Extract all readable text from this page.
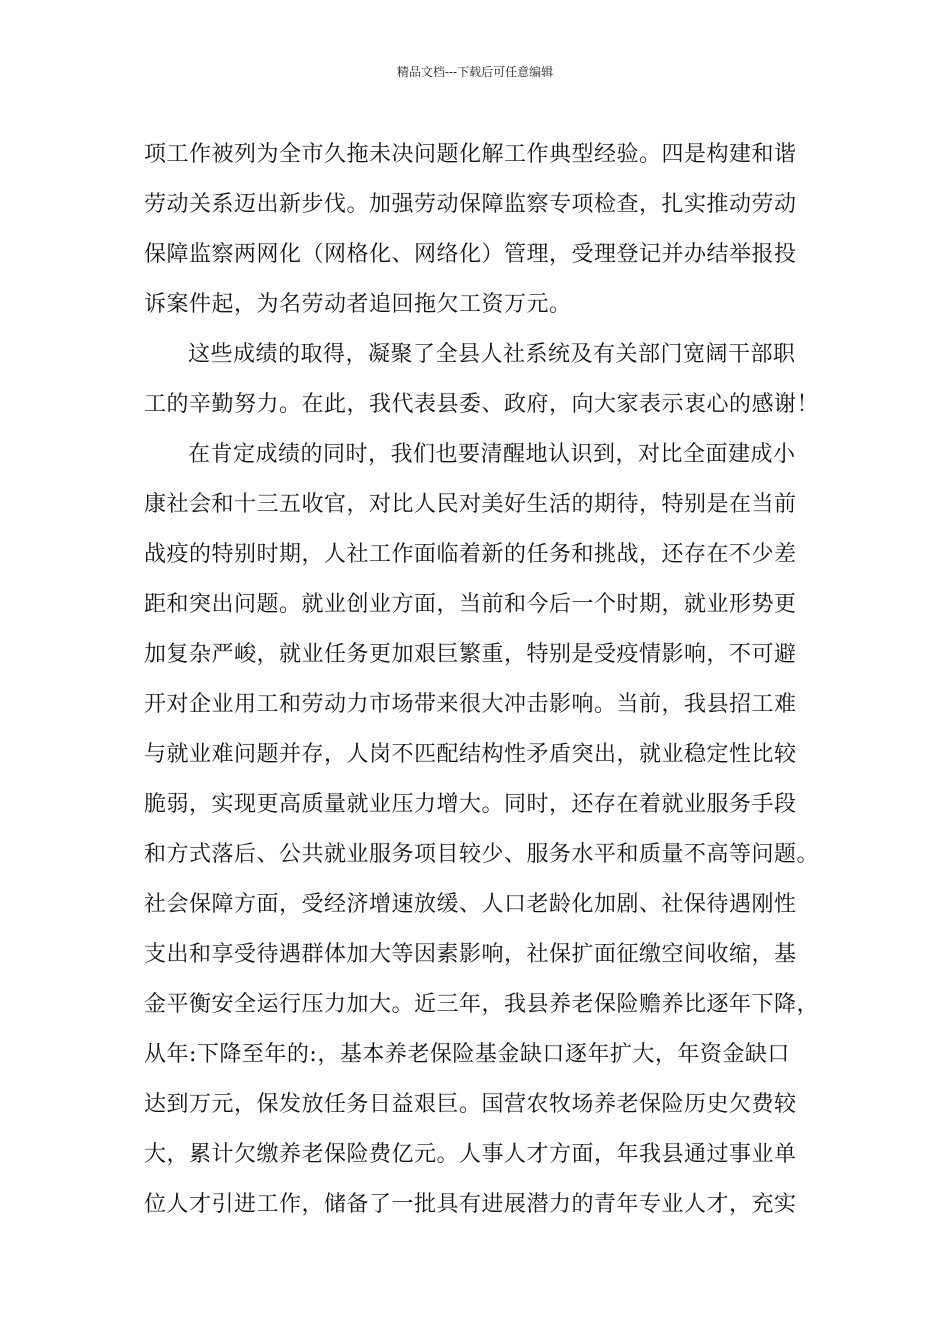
精品文档---下载后可任意编辑
项工作被列为全市久拖未决问题化解工作典型经验。四是构建和谐
劳动关系迈出新步伐。加强劳动保障监察专项检查，扎实推动劳动
保障监察两网化（网格化、网络化）管理，受理登记并办结举报投
诉案件起，为名劳动者追回拖欠工资万元。
这些成绩的取得，凝聚了全县人社系统及有关部门宽阔干部职
工的辛勤努力。在此，我代表县委、政府，向大家表示衷心的感谢！
在肯定成绩的同时，我们也要清醒地认识到，对比全面建成小
康社会和十三五收官，对比人民对美好生活的期待，特别是在当前
战疫的特别时期，人社工作面临着新的任务和挑战，还存在不少差
距和突出问题。就业创业方面，当前和今后一个时期，就业形势更
加复杂严峻，就业任务更加艰巨繁重，特别是受疫情影响，不可避
开对企业用工和劳动力市场带来很大冲击影响。当前，我县招工难
与就业难问题并存，人岗不匹配结构性矛盾突出，就业稳定性比较
脆弱，实现更高质量就业压力增大。同时，还存在着就业服务手段
和方式落后、公共就业服务项目较少、服务水平和质量不高等问题。
社会保障方面，受经济增速放缓、人口老龄化加剧、社保待遇刚性
支出和享受待遇群体加大等因素影响，社保扩面征缴空间收缩，基
金平衡安全运行压力加大。近三年，我县养老保险赡养比逐年下降，
从年:下降至年的:，基本养老保险基金缺口逐年扩大，年资金缺口
达到万元，保发放任务日益艰巨。国营农牧场养老保险历史欠费较
大，累计欠缴养老保险费亿元。人事人才方面，年我县通过事业单
位人才引进工作，储备了一批具有进展潜力的青年专业人才，充实
